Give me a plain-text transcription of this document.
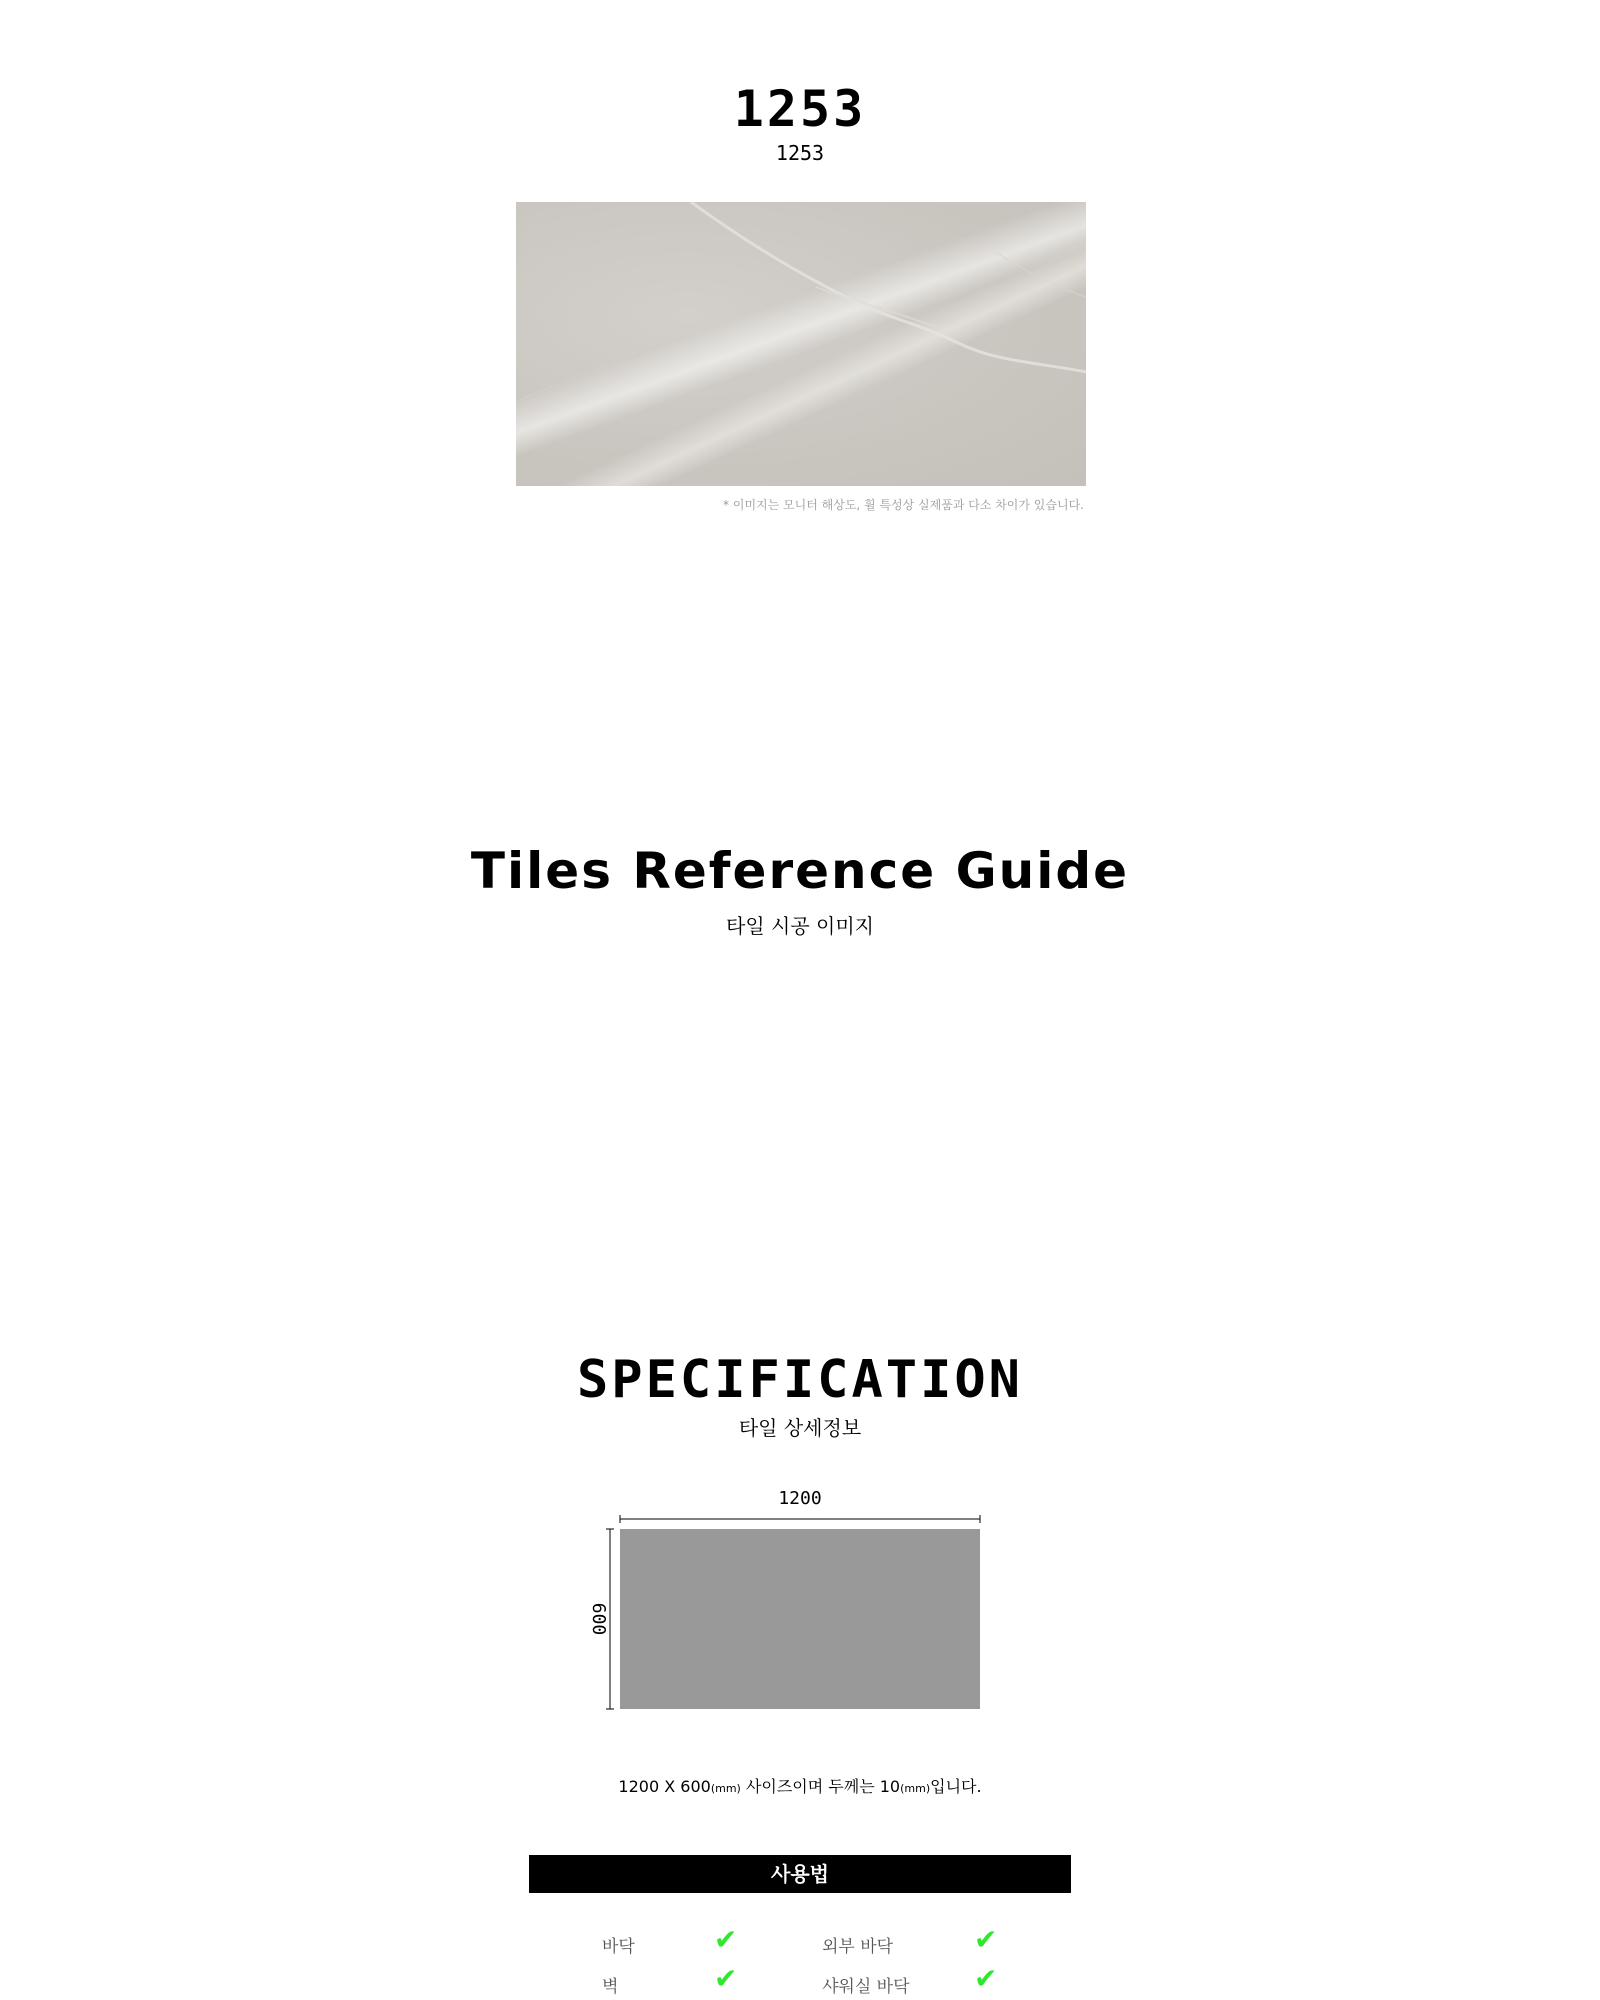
1253
1253
* 이미지는 모니터 해상도, 휠 특성상 실제품과 다소 차이가 있습니다.
Tiles Reference Guide
타일 시공 이미지
SPECIFICATION
타일 상세정보
1200
600
1200 X 600(mm) 사이즈이며 두께는 10(mm)입니다.
사용법
바닥	✔	외부 바닥	✔
벽	✔	샤워실 바닥 ✔
